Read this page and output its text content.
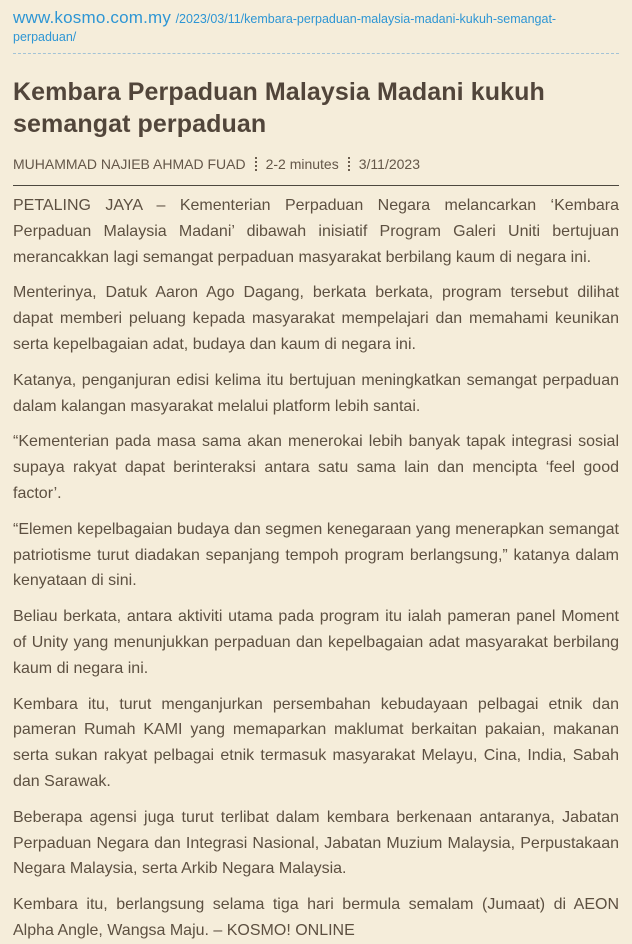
www.kosmo.com.my /2023/03/11/kembara-perpaduan-malaysia-madani-kukuh-semangat-perpaduan/
Kembara Perpaduan Malaysia Madani kukuh semangat perpaduan
MUHAMMAD NAJIEB AHMAD FUAD 2-2 minutes 3/11/2023

PETALING JAYA – Kementerian Perpaduan Negara melancarkan ‘Kembara Perpaduan Malaysia Madani’ dibawah inisiatif Program Galeri Uniti bertujuan merancakkan lagi semangat perpaduan masyarakat berbilang kaum di negara ini.

Menterinya, Datuk Aaron Ago Dagang, berkata berkata, program tersebut dilihat dapat memberi peluang kepada masyarakat mempelajari dan memahami keunikan serta kepelbagaian adat, budaya dan kaum di negara ini.

Katanya, penganjuran edisi kelima itu bertujuan meningkatkan semangat perpaduan dalam kalangan masyarakat melalui platform lebih santai.

“Kementerian pada masa sama akan menerokai lebih banyak tapak integrasi sosial supaya rakyat dapat berinteraksi antara satu sama lain dan mencipta ‘feel good factor’.

“Elemen kepelbagaian budaya dan segmen kenegaraan yang menerapkan semangat patriotisme turut diadakan sepanjang tempoh program berlangsung,” katanya dalam kenyataan di sini.

Beliau berkata, antara aktiviti utama pada program itu ialah pameran panel Moment of Unity yang menunjukkan perpaduan dan kepelbagaian adat masyarakat berbilang kaum di negara ini.

Kembara itu, turut menganjurkan persembahan kebudayaan pelbagai etnik dan pameran Rumah KAMI yang memaparkan maklumat berkaitan pakaian, makanan serta sukan rakyat pelbagai etnik termasuk masyarakat Melayu, Cina, India, Sabah dan Sarawak.

Beberapa agensi juga turut terlibat dalam kembara berkenaan antaranya, Jabatan Perpaduan Negara dan Integrasi Nasional, Jabatan Muzium Malaysia, Perpustakaan Negara Malaysia, serta Arkib Negara Malaysia.

Kembara itu, berlangsung selama tiga hari bermula semalam (Jumaat) di AEON Alpha Angle, Wangsa Maju. – KOSMO! ONLINE
